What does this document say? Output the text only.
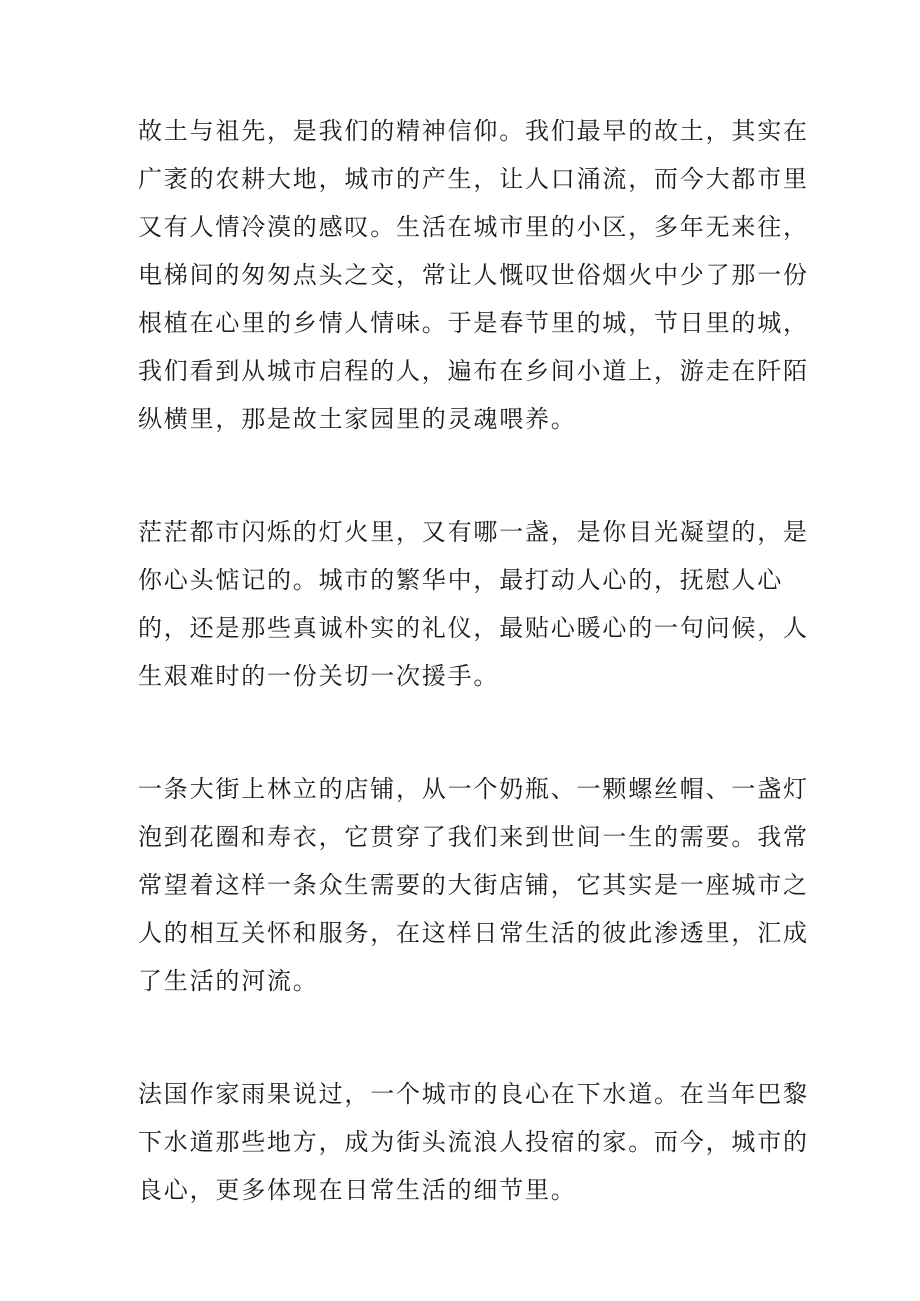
故土与祖先，是我们的精神信仰。我们最早的故土，其实在
广袤的农耕大地，城市的产生，让人口涌流，而今大都市里
又有人情冷漠的感叹。生活在城市里的小区，多年无来往，
电梯间的匆匆点头之交，常让人慨叹世俗烟火中少了那一份
根植在心里的乡情人情味。于是春节里的城，节日里的城，
我们看到从城市启程的人，遍布在乡间小道上，游走在阡陌
纵横里，那是故土家园里的灵魂喂养。
茫茫都市闪烁的灯火里，又有哪一盏，是你目光凝望的，是
你心头惦记的。城市的繁华中，最打动人心的，抚慰人心
的，还是那些真诚朴实的礼仪，最贴心暖心的一句问候，人
生艰难时的一份关切一次援手。
一条大街上林立的店铺，从一个奶瓶、一颗螺丝帽、一盏灯
泡到花圈和寿衣，它贯穿了我们来到世间一生的需要。我常
常望着这样一条众生需要的大街店铺，它其实是一座城市之
人的相互关怀和服务，在这样日常生活的彼此渗透里，汇成
了生活的河流。
法国作家雨果说过，一个城市的良心在下水道。在当年巴黎
下水道那些地方，成为街头流浪人投宿的家。而今，城市的
良心，更多体现在日常生活的细节里。
